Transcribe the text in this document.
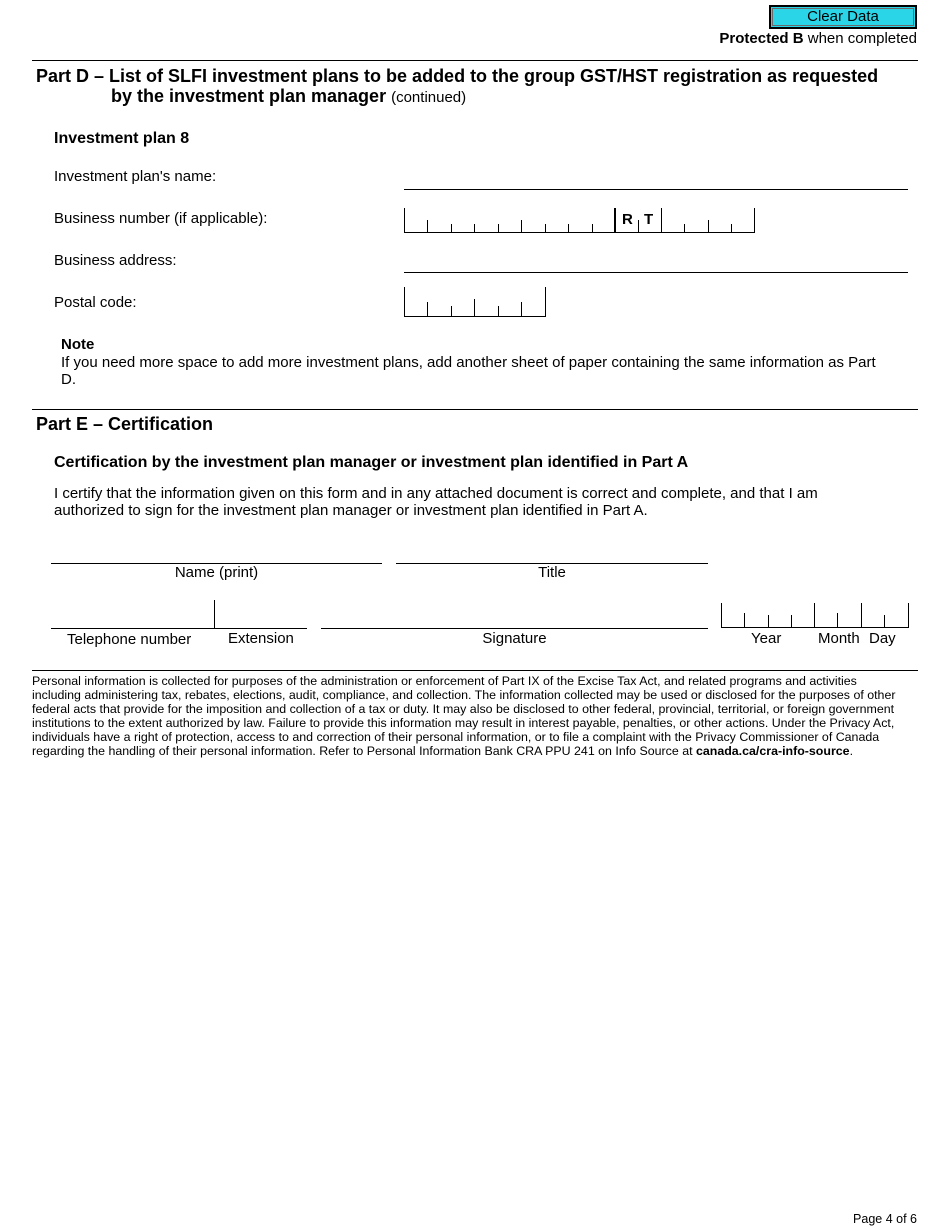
Clear Data
Protected B when completed
Part D – List of SLFI investment plans to be added to the group GST/HST registration as requested
by the investment plan manager (continued)
Investment plan 8
Investment plan's name:
Business number (if applicable):	R T
Business address:
Postal code:
Note
If you need more space to add more investment plans, add another sheet of paper containing the same information as Part D.
Part E – Certification
Certification by the investment plan manager or investment plan identified in Part A
I certify that the information given on this form and in any attached document is correct and complete, and that I am authorized to sign for the investment plan manager or investment plan identified in Part A.
Name (print)	Title
Telephone number Extension	Signature	Year Month Day
Personal information is collected for purposes of the administration or enforcement of Part IX of the Excise Tax Act, and related programs and activities including administering tax, rebates, elections, audit, compliance, and collection. The information collected may be used or disclosed for the purposes of other federal acts that provide for the imposition and collection of a tax or duty. It may also be disclosed to other federal, provincial, territorial, or foreign government institutions to the extent authorized by law. Failure to provide this information may result in interest payable, penalties, or other actions. Under the Privacy Act, individuals have a right of protection, access to and correction of their personal information, or to file a complaint with the Privacy Commissioner of Canada regarding the handling of their personal information. Refer to Personal Information Bank CRA PPU 241 on Info Source at canada.ca/cra-info-source.
Page 4 of 6
